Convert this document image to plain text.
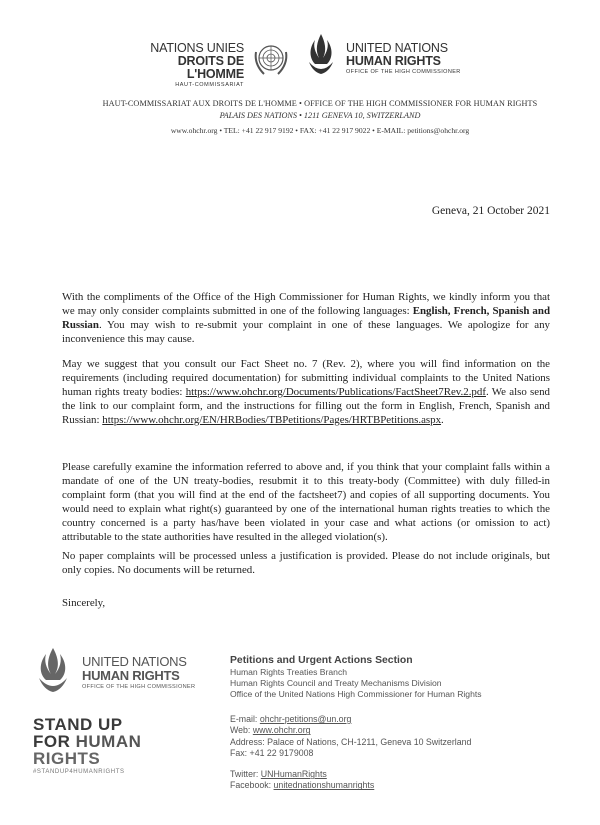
NATIONS UNIES
DROITS DE L'HOMME
HAUT-COMMISSARIAT
UNITED NATIONS
HUMAN RIGHTS
OFFICE OF THE HIGH COMMISSIONER
HAUT-COMMISSARIAT AUX DROITS DE L'HOMME • OFFICE OF THE HIGH COMMISSIONER FOR HUMAN RIGHTS
PALAIS DES NATIONS • 1211 GENEVA 10, SWITZERLAND
www.ohchr.org • TEL: +41 22 917 9192 • FAX: +41 22 917 9022 • E-MAIL: petitions@ohchr.org
Geneva, 21 October 2021

With the compliments of the Office of the High Commissioner for Human Rights, we kindly inform you that we may only consider complaints submitted in one of the following languages: English, French, Spanish and Russian. You may wish to re-submit your complaint in one of these languages. We apologize for any inconvenience this may cause.

May we suggest that you consult our Fact Sheet no. 7 (Rev. 2), where you will find information on the requirements (including required documentation) for submitting individual complaints to the United Nations human rights treaty bodies: https://www.ohchr.org/Documents/Publications/FactSheet7Rev.2.pdf. We also send the link to our complaint form, and the instructions for filling out the form in English, French, Spanish and Russian: https://www.ohchr.org/EN/HRBodies/TBPetitions/Pages/HRTBPetitions.aspx.

Please carefully examine the information referred to above and, if you think that your complaint falls within a mandate of one of the UN treaty-bodies, resubmit it to this treaty-body (Committee) with duly filled-in complaint form (that you will find at the end of the factsheet7) and copies of all supporting documents. You would need to explain what right(s) guaranteed by one of the international human rights treaties to which the country concerned is a party has/have been violated in your case and what actions (or omission to act) attributable to the state authorities have resulted in the alleged violation(s).

No paper complaints will be processed unless a justification is provided. Please do not include originals, but only copies. No documents will be returned.

Sincerely,
UNITED NATIONS
HUMAN RIGHTS
OFFICE OF THE HIGH COMMISSIONER
STAND UP
FOR HUMAN
RIGHTS
#STANDUP4HUMANRIGHTS
Petitions and Urgent Actions Section
Human Rights Treaties Branch
Human Rights Council and Treaty Mechanisms Division
Office of the United Nations High Commissioner for Human Rights
E-mail: ohchr-petitions@un.org
Web: www.ohchr.org
Address: Palace of Nations, CH-1211, Geneva 10 Switzerland
Fax: +41 22 9179008
Twitter: UNHumanRights
Facebook: unitednationshumanrights
